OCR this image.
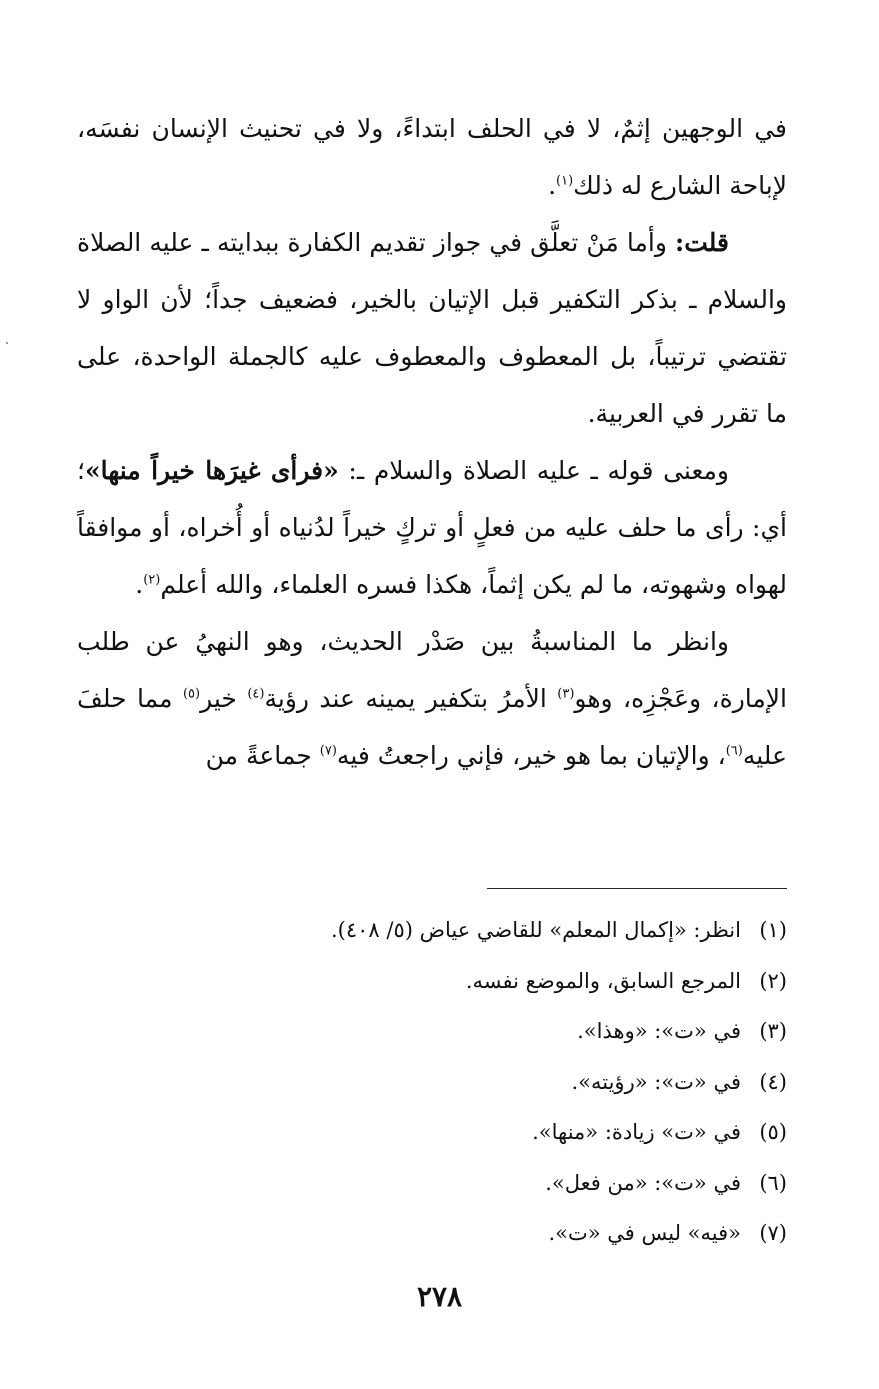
في الوجهين إثمٌ، لا في الحلف ابتداءً، ولا في تحنيث الإنسان نفسَه، لإباحة الشارع له ذلك$^{(١)}$.

قلت: وأما مَنْ تعلَّق في جواز تقديم الكفارة ببدايته ـ عليه الصلاة والسلام ـ بذكر التكفير قبل الإتيان بالخير، فضعيف جداً؛ لأن الواو لا تقتضي ترتيباً، بل المعطوف والمعطوف عليه كالجملة الواحدة، على ما تقرر في العربية.

ومعنى قوله ـ عليه الصلاة والسلام ـ: «فرأى غيرَها خيراً منها»؛ أي: رأى ما حلف عليه من فعلٍ أو تركٍ خيراً لدُنياه أو أُخراه، أو موافقاً لهواه وشهوته، ما لم يكن إثماً، هكذا فسره العلماء، والله أعلم$^{(٢)}$.

وانظر ما المناسبةُ بين صَدْر الحديث، وهو النهيُ عن طلب الإمارة، وعَجْزِه، وهو$^{(٣)}$ الأمرُ بتكفير يمينه عند رؤية$^{(٤)}$ خير$^{(٥)}$ مما حلفَ عليه$^{(٦)}$، والإتيان بما هو خير، فإني راجعتُ فيه$^{(٧)}$ جماعةً من

(١)انظر: «إكمال المعلم» للقاضي عياض (٥/ ٤٠٨).
(٢)المرجع السابق، والموضع نفسه.
(٣)في «ت»: «وهذا».
(٤)في «ت»: «رؤيته».
(٥)في «ت» زيادة: «منها».
(٦)في «ت»: «من فعل».
(٧)«فيه» ليس في «ت».
٢٧٨
